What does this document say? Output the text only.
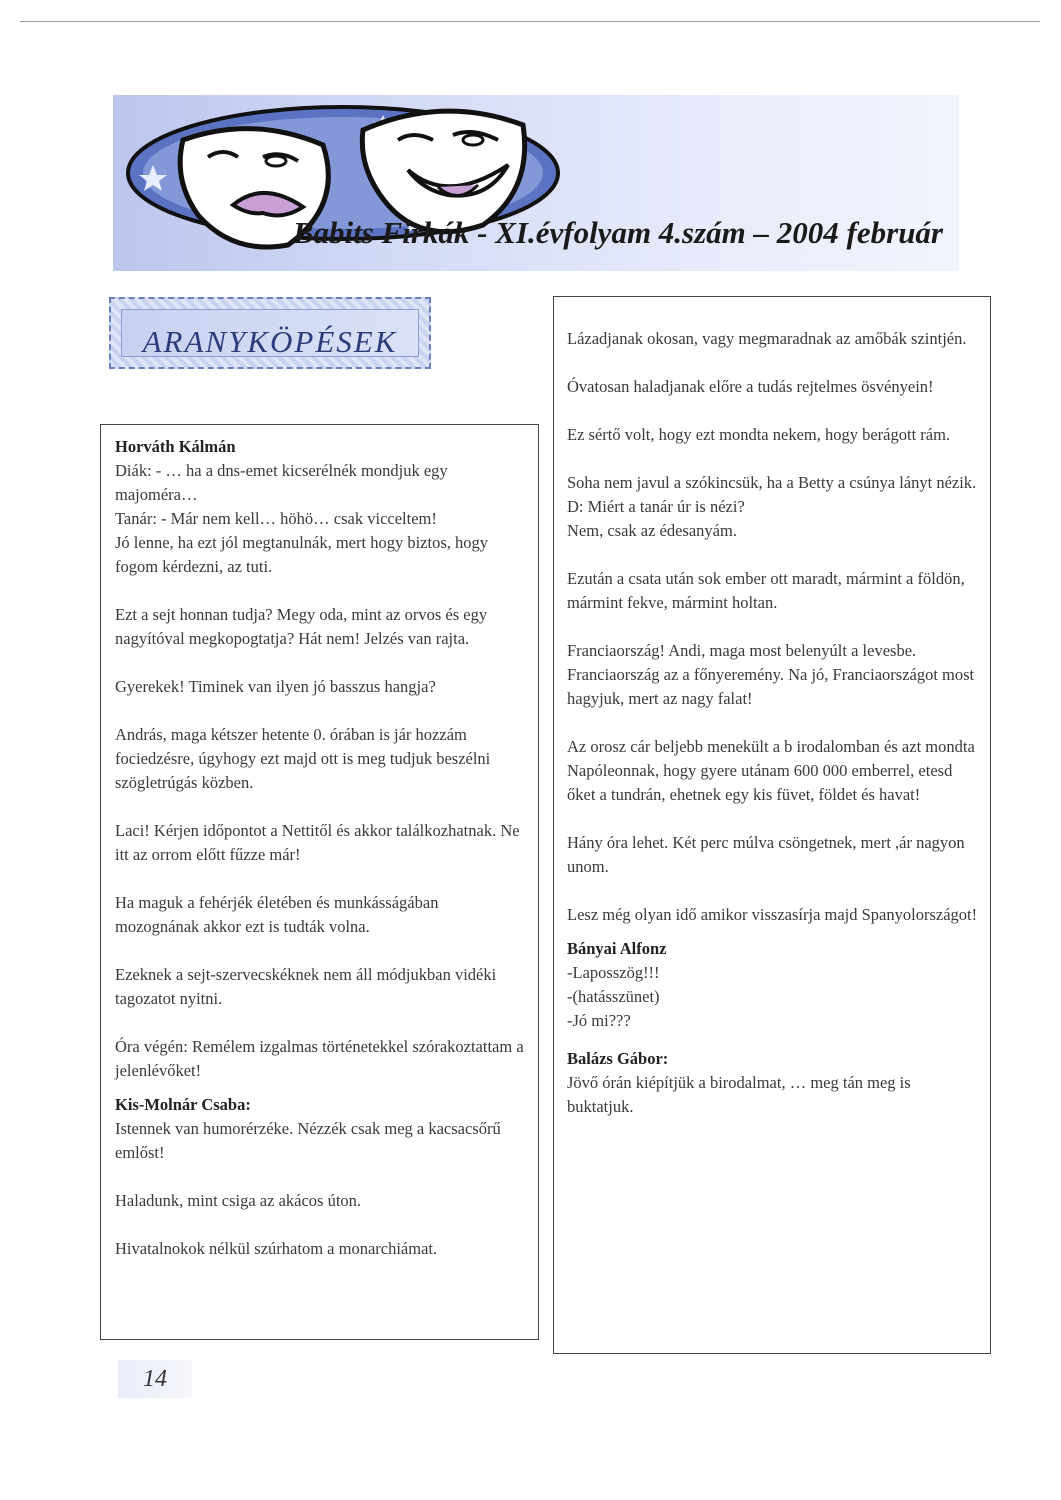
Babits Firkák - XI.évfolyam 4.szám – 2004 február
ARANYKÖPÉSEK
Horváth Kálmán
Diák: - … ha a dns-emet kicserélnék mondjuk egy majoméra…

Tanár: - Már nem kell… höhö… csak vicceltem!

Jó lenne, ha ezt jól megtanulnák, mert hogy biztos, hogy fogom kérdezni, az tuti.

Ezt a sejt honnan tudja? Megy oda, mint az orvos és egy nagyítóval megkopogtatja? Hát nem! Jelzés van rajta.

Gyerekek! Timinek van ilyen jó basszus hangja?

András, maga kétszer hetente 0. órában is jár hozzám fociedzésre, úgyhogy ezt majd ott is meg tudjuk beszélni szögletrúgás közben.

Laci! Kérjen időpontot a Nettitől és akkor találkozhatnak. Ne itt az orrom előtt fűzze már!

Ha maguk a fehérjék életében és munkásságában mozognának akkor ezt is tudták volna.

Ezeknek a sejt-szervecskéknek nem áll módjukban vidéki tagozatot nyitni.

Óra végén: Remélem izgalmas történetekkel szórakoztattam a jelenlévőket!

Kis-Molnár Csaba:

Istennek van humorérzéke. Nézzék csak meg a kacsacsőrű emlőst!

Haladunk, mint csiga az akácos úton.

Hivatalnokok nélkül szúrhatom a monarchiámat.

Lázadjanak okosan, vagy megmaradnak az amőbák szintjén.

Óvatosan haladjanak előre a tudás rejtelmes ösvényein!

Ez sértő volt, hogy ezt mondta nekem, hogy berágott rám.

Soha nem javul a szókincsük, ha a Betty a csúnya lányt nézik.
D: Miért a tanár úr is nézi?

Nem, csak az édesanyám.

Ezután a csata után sok ember ott maradt, mármint a földön, mármint fekve, mármint holtan.

Franciaország! Andi, maga most belenyúlt a levesbe. Franciaország az a főnyeremény. Na jó, Franciaországot most hagyjuk, mert az nagy falat!

Az orosz cár beljebb menekült a b irodalomban és azt mondta Napóleonnak, hogy gyere utánam 600 000 emberrel, etesd őket a tundrán, ehetnek egy kis füvet, földet és havat!

Hány óra lehet. Két perc múlva csöngetnek, mert ,ár nagyon unom.

Lesz még olyan idő amikor visszasírja majd Spanyolországot!

Bányai Alfonz
-Laposszög!!!
-(hatásszünet)

-Jó mi???

Balázs Gábor:

Jövő órán kiépítjük a birodalmat, … meg tán meg is buktatjuk.

14
